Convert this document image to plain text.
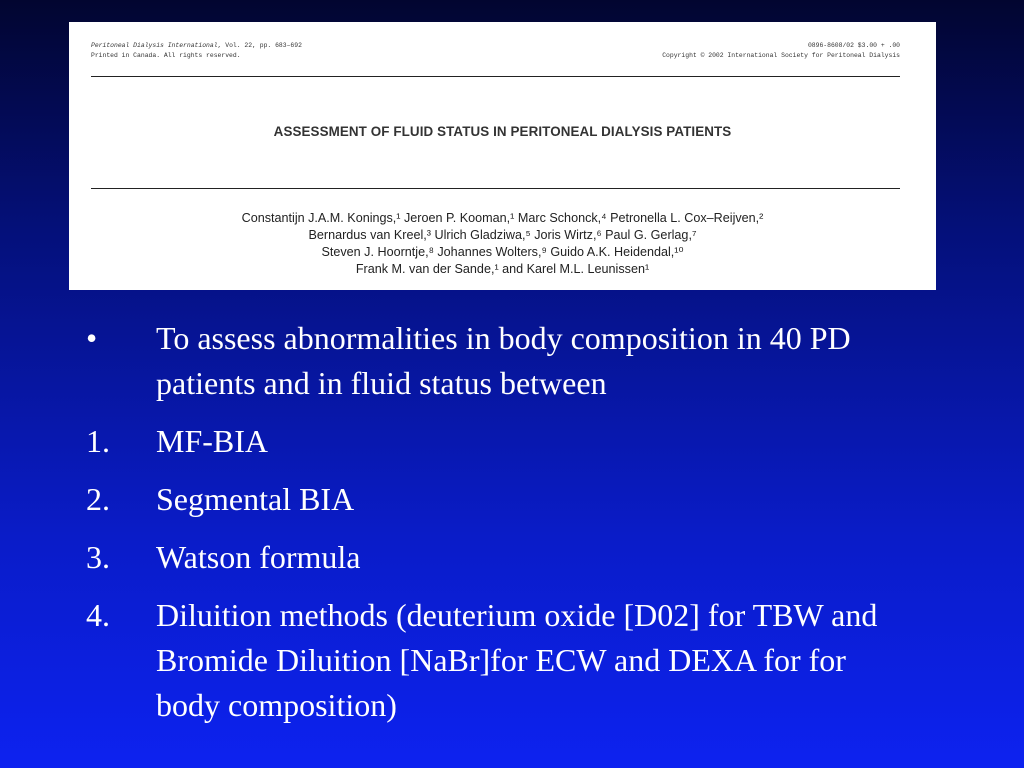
Peritoneal Dialysis International, Vol. 22, pp. 683–692
Printed in Canada. All rights reserved.
0896-8608/02 $3.00 + .00
Copyright © 2002 International Society for Peritoneal Dialysis
ASSESSMENT OF FLUID STATUS IN PERITONEAL DIALYSIS PATIENTS
Constantijn J.A.M. Konings,¹ Jeroen P. Kooman,¹ Marc Schonck,⁴ Petronella L. Cox–Reijven,²
Bernardus van Kreel,³ Ulrich Gladziwa,⁵ Joris Wirtz,⁶ Paul G. Gerlag,⁷
Steven J. Hoorntje,⁸ Johannes Wolters,⁹ Guido A.K. Heidendal,¹⁰
Frank M. van der Sande,¹ and Karel M.L. Leunissen¹
• To assess abnormalities in body composition in 40 PD patients and in fluid status between
1. MF-BIA
2. Segmental BIA
3. Watson formula
4. Diluition methods (deuterium oxide [D02] for TBW and Bromide Diluition [NaBr]for ECW and DEXA for for body composition)
